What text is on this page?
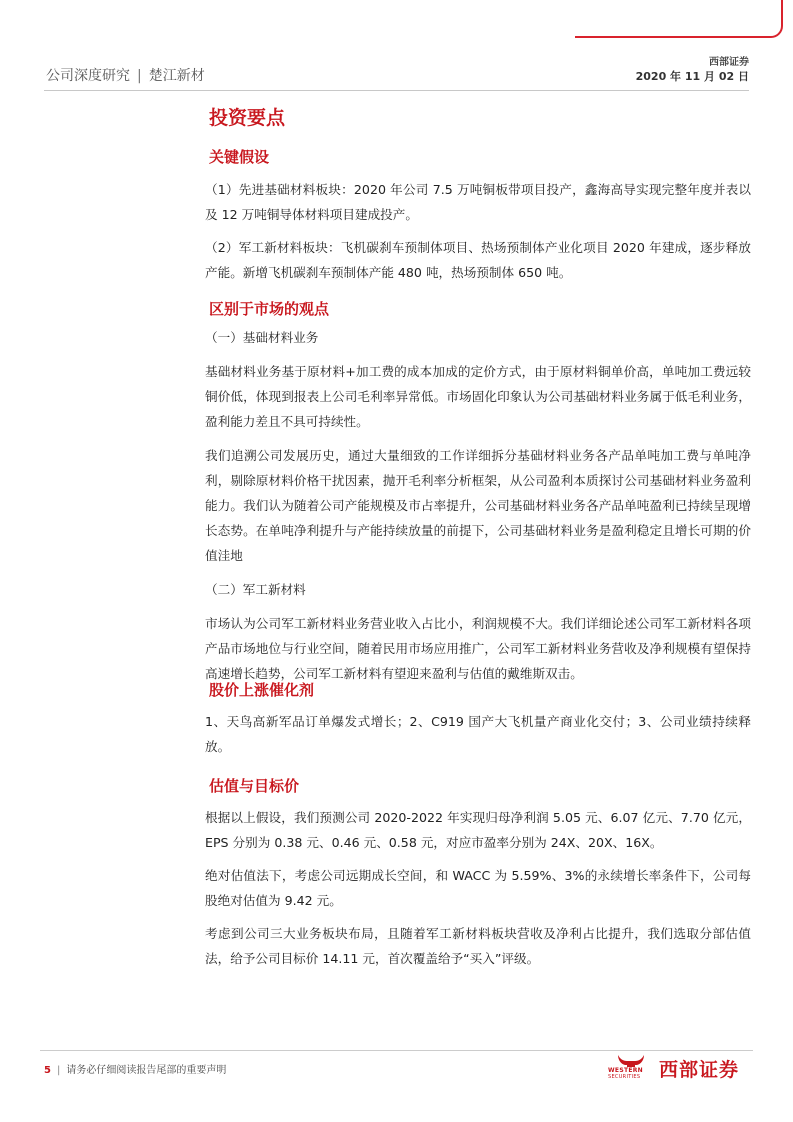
公司深度研究 | 楚江新材
西部证券
2020 年 11 月 02 日
投资要点
关键假设

（1）先进基础材料板块：2020 年公司 7.5 万吨铜板带项目投产，鑫海高导实现完整年度并表以及 12 万吨铜导体材料项目建成投产。

（2）军工新材料板块：飞机碳刹车预制体项目、热场预制体产业化项目 2020 年建成，逐步释放产能。新增飞机碳刹车预制体产能 480 吨，热场预制体 650 吨。

区别于市场的观点

（一）基础材料业务

基础材料业务基于原材料+加工费的成本加成的定价方式，由于原材料铜单价高，单吨加工费远较铜价低，体现到报表上公司毛利率异常低。市场固化印象认为公司基础材料业务属于低毛利业务，盈利能力差且不具可持续性。

我们追溯公司发展历史，通过大量细致的工作详细拆分基础材料业务各产品单吨加工费与单吨净利，剔除原材料价格干扰因素，抛开毛利率分析框架，从公司盈利本质探讨公司基础材料业务盈利能力。我们认为随着公司产能规模及市占率提升，公司基础材料业务各产品单吨盈利已持续呈现增长态势。在单吨净利提升与产能持续放量的前提下，公司基础材料业务是盈利稳定且增长可期的价值洼地

（二）军工新材料

市场认为公司军工新材料业务营业收入占比小，利润规模不大。我们详细论述公司军工新材料各项产品市场地位与行业空间，随着民用市场应用推广，公司军工新材料业务营收及净利规模有望保持高速增长趋势，公司军工新材料有望迎来盈利与估值的戴维斯双击。

股价上涨催化剂

1、天鸟高新军品订单爆发式增长；2、C919 国产大飞机量产商业化交付；3、公司业绩持续释放。

估值与目标价

根据以上假设，我们预测公司 2020-2022 年实现归母净利润 5.05 元、6.07 亿元、7.70 亿元，EPS 分别为 0.38 元、0.46 元、0.58 元，对应市盈率分别为 24X、20X、16X。

绝对估值法下，考虑公司远期成长空间，和 WACC 为 5.59%、3%的永续增长率条件下，公司每股绝对估值为 9.42 元。

考虑到公司三大业务板块布局，且随着军工新材料板块营收及净利占比提升，我们选取分部估值法，给予公司目标价 14.11 元，首次覆盖给予“买入”评级。

5 | 请务必仔细阅读报告尾部的重要声明	WESTERN
SECURITIES 西部证券
